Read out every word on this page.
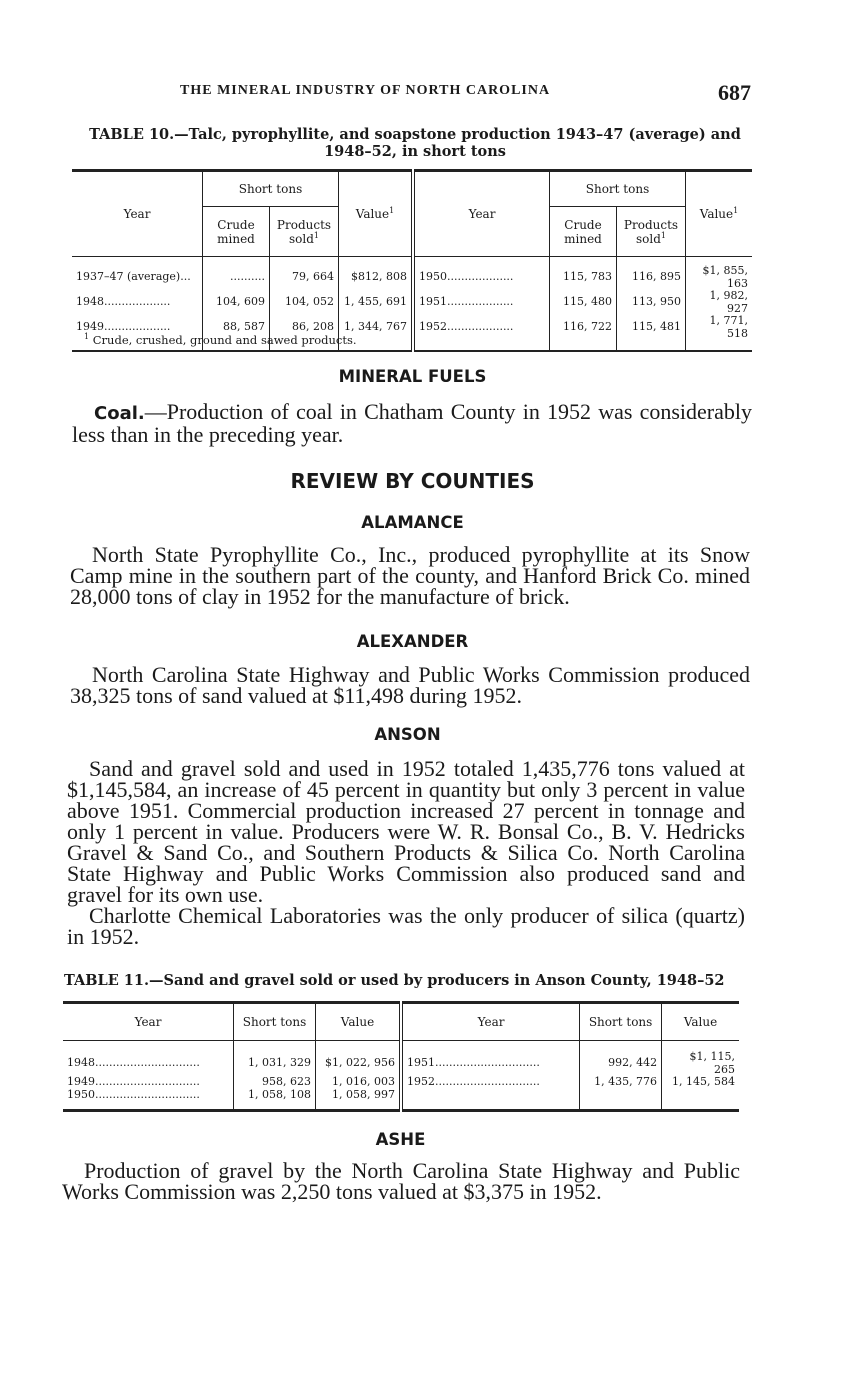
THE MINERAL INDUSTRY OF NORTH CAROLINA	687
TABLE 10.—Talc, pyrophyllite, and soapstone production 1943–47 (average) and
1948–52, in short tons
Year	Short tons		Value$^1$	Year	Short tons		Value$^1$
	Crude mined	Products sold$^1$			Crude mined	Products sold$^1$
1937–47 (average)...	..........	79, 664	$812, 808	1950...................	115, 783	116, 895	$1, 855, 163
1948...................	104, 609	104, 052	1, 455, 691	1951...................	115, 480	113, 950	1, 982, 927
1949...................	88, 587	86, 208	1, 344, 767	1952...................	116, 722	115, 481	1, 771, 518
$^1$ Crude, crushed, ground and sawed products.
MINERAL FUELS
Coal.—Production of coal in Chatham County in 1952 was considerably less than in the preceding year.
REVIEW BY COUNTIES
ALAMANCE
North State Pyrophyllite Co., Inc., produced pyrophyllite at its Snow Camp mine in the southern part of the county, and Hanford Brick Co. mined 28,000 tons of clay in 1952 for the manufacture of brick.
ALEXANDER
North Carolina State Highway and Public Works Commission produced 38,325 tons of sand valued at $11,498 during 1952.
ANSON
Sand and gravel sold and used in 1952 totaled 1,435,776 tons valued at $1,145,584, an increase of 45 percent in quantity but only 3 percent in value above 1951. Commercial production increased 27 percent in tonnage and only 1 percent in value. Producers were W. R. Bonsal Co., B. V. Hedricks Gravel & Sand Co., and Southern Products & Silica Co. North Carolina State Highway and Public Works Commission also produced sand and gravel for its own use.
Charlotte Chemical Laboratories was the only producer of silica (quartz) in 1952.
TABLE 11.—Sand and gravel sold or used by producers in Anson County, 1948–52
Year	Short tons	Value	Year	Short tons	Value
1948..............................	1, 031, 329	$1, 022, 956	1951..............................	992, 442	$1, 115, 265
1949..............................	958, 623	1, 016, 003	1952..............................	1, 435, 776	1, 145, 584
1950..............................	1, 058, 108	1, 058, 997			
ASHE
Production of gravel by the North Carolina State Highway and Public Works Commission was 2,250 tons valued at $3,375 in 1952.
